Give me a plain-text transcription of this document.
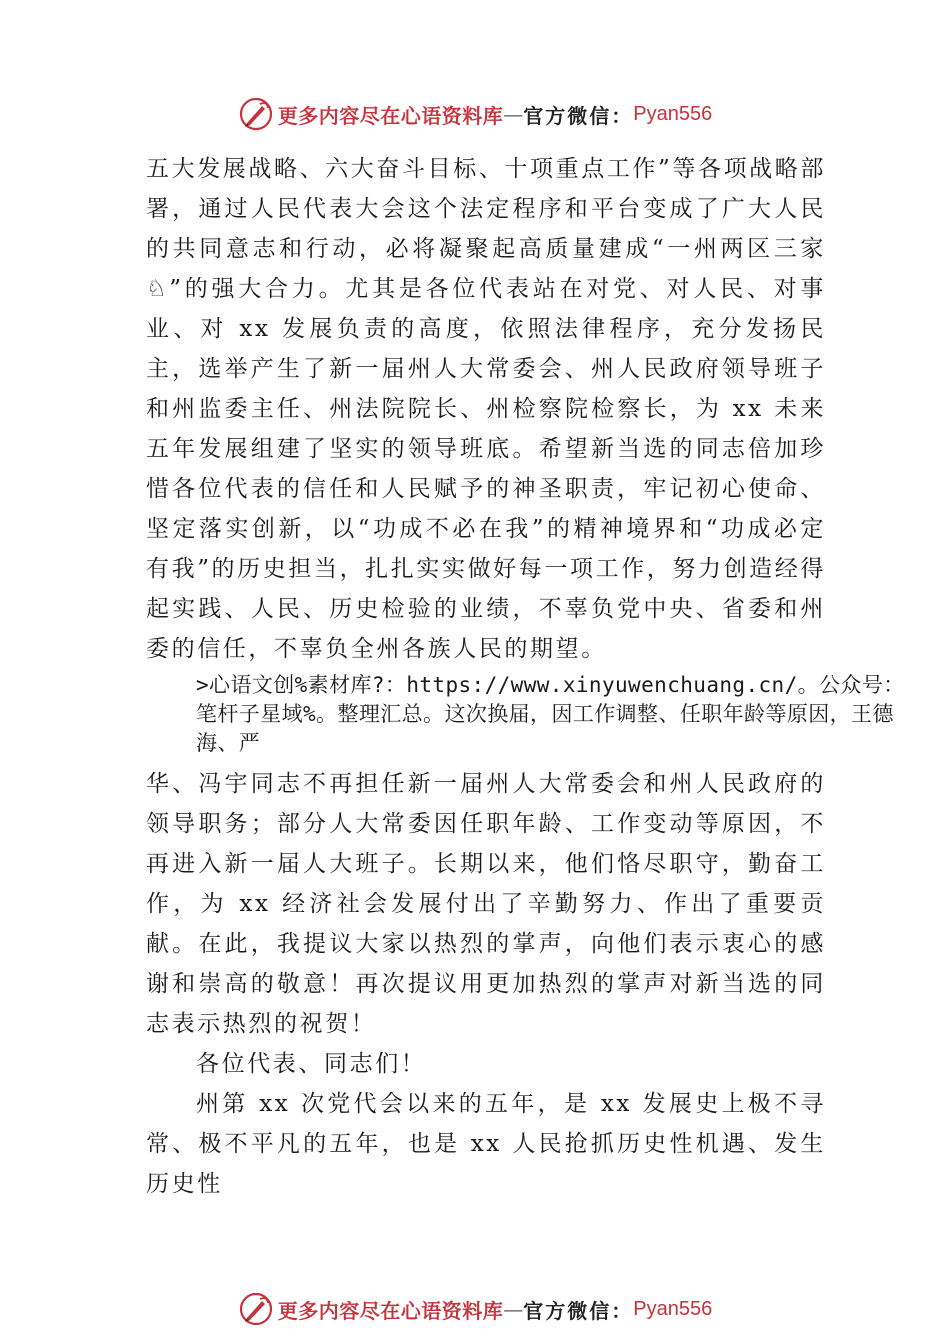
更多内容尽在心语资料库 — 官方微信： Pyan556

五大发展战略、六大奋斗目标、十项重点工作”等各项战略部署，通过人民代表大会这个法定程序和平台变成了广大人民的共同意志和行动，必将凝聚起高质量建成“一州两区三家♘”的强大合力。尤其是各位代表站在对党、对人民、对事业、对 xx 发展负责的高度，依照法律程序，充分发扬民主，选举产生了新一届州人大常委会、州人民政府领导班子和州监委主任、州法院院长、州检察院检察长，为 xx 未来五年发展组建了坚实的领导班底。希望新当选的同志倍加珍惜各位代表的信任和人民赋予的神圣职责，牢记初心使命、坚定落实创新，以“功成不必在我”的精神境界和“功成必定有我”的历史担当，扎扎实实做好每一项工作，努力创造经得起实践、人民、历史检验的业绩，不辜负党中央、省委和州委的信任，不辜负全州各族人民的期望。

>心语文创%素材库?：https://www.xinyuwenchuang.cn/。公众号：笔杆子星域%。整理汇总。这次换届，因工作调整、任职年龄等原因，王德海、严

华、冯宇同志不再担任新一届州人大常委会和州人民政府的领导职务；部分人大常委因任职年龄、工作变动等原因，不再进入新一届人大班子。长期以来，他们恪尽职守，勤奋工作，为 xx 经济社会发展付出了辛勤努力、作出了重要贡献。在此，我提议大家以热烈的掌声，向他们表示衷心的感谢和崇高的敬意！再次提议用更加热烈的掌声对新当选的同志表示热烈的祝贺！

各位代表、同志们！

州第 xx 次党代会以来的五年，是 xx 发展史上极不寻常、极不平凡的五年，也是 xx 人民抢抓历史性机遇、发生历史性

更多内容尽在心语资料库 — 官方微信： Pyan556
